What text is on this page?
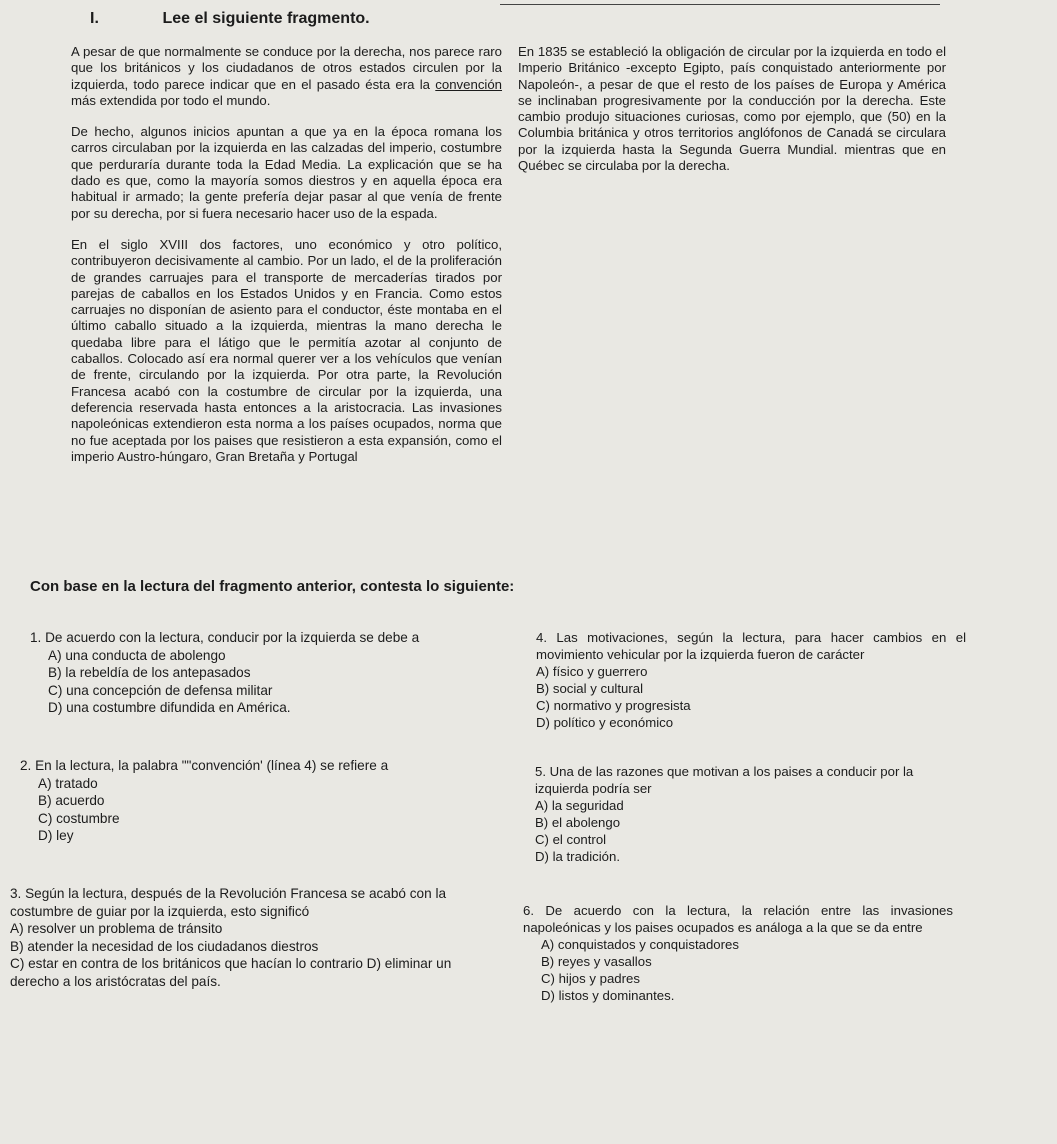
I.	Lee el siguiente fragmento.

A pesar de que normalmente se conduce por la derecha, nos parece raro que los británicos y los ciudadanos de otros estados circulen por la izquierda, todo parece indicar que en el pasado ésta era la convención más extendida por todo el mundo.

De hecho, algunos inicios apuntan a que ya en la época romana los carros circulaban por la izquierda en las calzadas del imperio, costumbre que perduraría durante toda la Edad Media. La explicación que se ha dado es que, como la mayoría somos diestros y en aquella época era habitual ir armado; la gente prefería dejar pasar al que venía de frente por su derecha, por si fuera necesario hacer uso de la espada.

En el siglo XVIII dos factores, uno económico y otro político, contribuyeron decisivamente al cambio. Por un lado, el de la proliferación de grandes carruajes para el transporte de mercaderías tirados por parejas de caballos en los Estados Unidos y en Francia. Como estos carruajes no disponían de asiento para el conductor, éste montaba en el último caballo situado a la izquierda, mientras la mano derecha le quedaba libre para el látigo que le permitía azotar al conjunto de caballos. Colocado así era normal querer ver a los vehículos que venían de frente, circulando por la izquierda. Por otra parte, la Revolución Francesa acabó con la costumbre de circular por la izquierda, una deferencia reservada hasta entonces a la aristocracia. Las invasiones napoleónicas extendieron esta norma a los países ocupados, norma que no fue aceptada por los paises que resistieron a esta expansión, como el imperio Austro-húngaro, Gran Bretaña y Portugal

En 1835 se estableció la obligación de circular por la izquierda en todo el Imperio Británico -excepto Egipto, país conquistado anteriormente por Napoleón-, a pesar de que el resto de los países de Europa y América se inclinaban progresivamente por la conducción por la derecha. Este cambio produjo situaciones curiosas, como por ejemplo, que (50) en la Columbia británica y otros territorios anglófonos de Canadá se circulara por la izquierda hasta la Segunda Guerra Mundial. mientras que en Québec se circulaba por la derecha.

Con base en la lectura del fragmento anterior, contesta lo siguiente:

1. De acuerdo con la lectura, conducir por la izquierda se debe a

A) una conducta de abolengo

B) la rebeldía de los antepasados

C) una concepción de defensa militar

D) una costumbre difundida en América.

2. En la lectura, la palabra ""convención' (línea 4) se refiere a

A) tratado

B) acuerdo

C) costumbre

D) ley

3. Según la lectura, después de la Revolución Francesa se acabó con la costumbre de guiar por la izquierda, esto significó

A) resolver un problema de tránsito

B) atender la necesidad de los ciudadanos diestros

C) estar en contra de los británicos que hacían lo contrario D) eliminar un derecho a los aristócratas del país.

4. Las motivaciones, según la lectura, para hacer cambios en el movimiento vehicular por la izquierda fueron de carácter

A) físico y guerrero

B) social y cultural

C) normativo y progresista

D) político y económico

5. Una de las razones que motivan a los paises a conducir por la izquierda podría ser

A) la seguridad

B) el abolengo

C) el control

D) la tradición.

6. De acuerdo con la lectura, la relación entre las invasiones napoleónicas y los paises ocupados es análoga a la que se da entre

A) conquistados y conquistadores

B) reyes y vasallos

C) hijos y padres

D) listos y dominantes.
